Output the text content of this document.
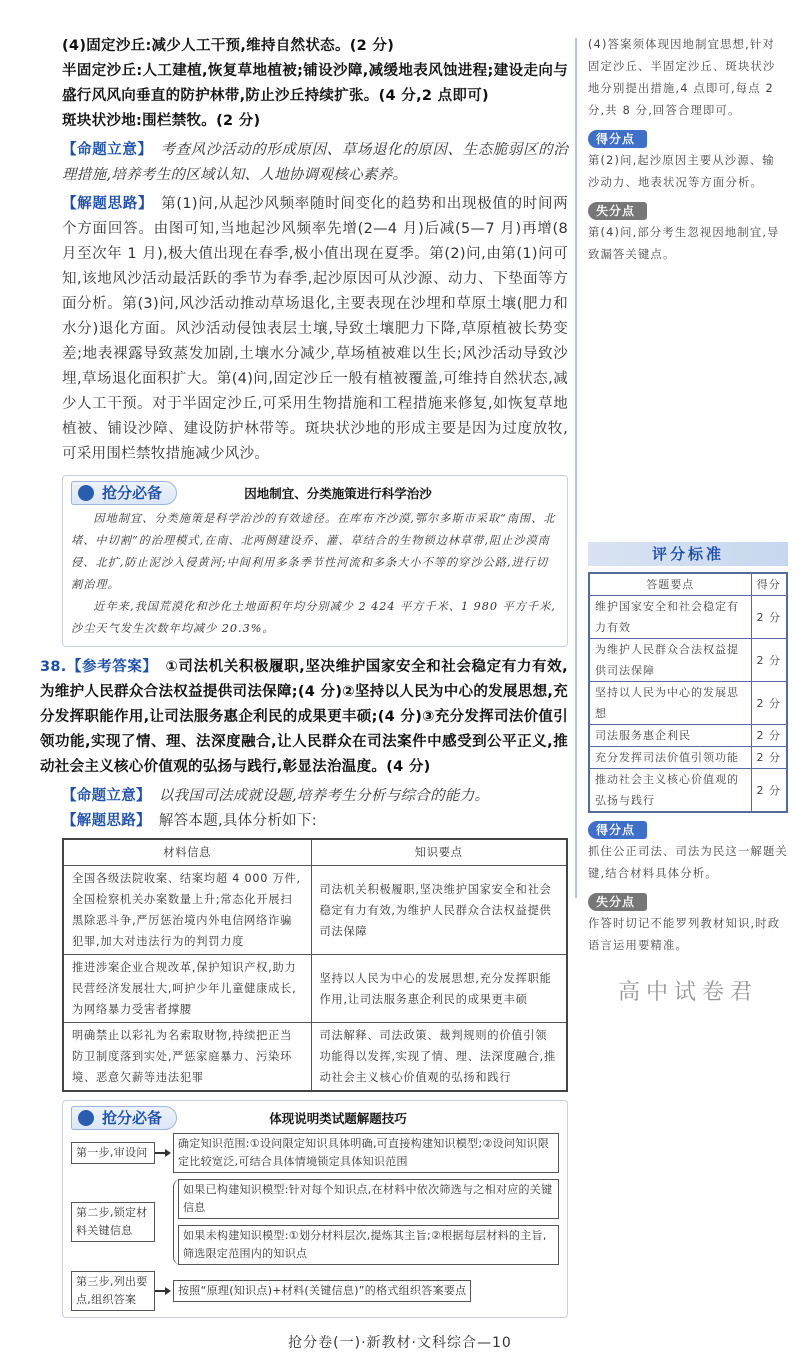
(4)固定沙丘:减少人工干预,维持自然状态。(2 分)
半固定沙丘:人工建植,恢复草地植被;铺设沙障,减缓地表风蚀进程;建设走向与盛行风风向垂直的防护林带,防止沙丘持续扩张。(4 分,2 点即可)
斑块状沙地:围栏禁牧。(2 分)
【命题立意】 考查风沙活动的形成原因、草场退化的原因、生态脆弱区的治理措施,培养考生的区域认知、人地协调观核心素养。
【解题思路】 第(1)问,从起沙风频率随时间变化的趋势和出现极值的时间两个方面回答。由图可知,当地起沙风频率先增(2—4 月)后减(5—7 月)再增(8 月至次年 1 月),极大值出现在春季,极小值出现在夏季。第(2)问,由第(1)问可知,该地风沙活动最活跃的季节为春季,起沙原因可从沙源、动力、下垫面等方面分析。第(3)问,风沙活动推动草场退化,主要表现在沙埋和草原土壤(肥力和水分)退化方面。风沙活动侵蚀表层土壤,导致土壤肥力下降,草原植被长势变差;地表裸露导致蒸发加剧,土壤水分减少,草场植被难以生长;风沙活动导致沙埋,草场退化面积扩大。第(4)问,固定沙丘一般有植被覆盖,可维持自然状态,减少人工干预。对于半固定沙丘,可采用生物措施和工程措施来修复,如恢复草地植被、铺设沙障、建设防护林带等。斑块状沙地的形成主要是因为过度放牧,可采用围栏禁牧措施减少风沙。
抢分必备	因地制宜、分类施策进行科学治沙
因地制宜、分类施策是科学治沙的有效途径。在库布齐沙漠,鄂尔多斯市采取“南围、北堵、中切割”的治理模式,在南、北两侧建设乔、灌、草结合的生物锁边林草带,阻止沙漠南侵、北扩,防止泥沙入侵黄河;中间利用多条季节性河流和多条大小不等的穿沙公路,进行切割治理。
近年来,我国荒漠化和沙化土地面积年均分别减少 2 424 平方千米、1 980 平方千米,沙尘天气发生次数年均减少 20.3%。
38.【参考答案】 ①司法机关积极履职,坚决维护国家安全和社会稳定有力有效,为维护人民群众合法权益提供司法保障;(4 分)②坚持以人民为中心的发展思想,充分发挥职能作用,让司法服务惠企利民的成果更丰硕;(4 分)③充分发挥司法价值引领功能,实现了情、理、法深度融合,让人民群众在司法案件中感受到公平正义,推动社会主义核心价值观的弘扬与践行,彰显法治温度。(4 分)
【命题立意】 以我国司法成就设题,培养考生分析与综合的能力。
【解题思路】 解答本题,具体分析如下:
材料信息	知识要点
全国各级法院收案、结案均超 4 000 万件,全国检察机关办案数量上升;常态化开展扫黑除恶斗争,严厉惩治境内外电信网络诈骗犯罪,加大对违法行为的判罚力度	司法机关积极履职,坚决维护国家安全和社会稳定有力有效,为维护人民群众合法权益提供司法保障
推进涉案企业合规改革,保护知识产权,助力民营经济发展壮大,呵护少年儿童健康成长,为网络暴力受害者撑腰	坚持以人民为中心的发展思想,充分发挥职能作用,让司法服务惠企利民的成果更丰硕
明确禁止以彩礼为名索取财物,持续把正当防卫制度落到实处,严惩家庭暴力、污染环境、恶意欠薪等违法犯罪	司法解释、司法政策、裁判规则的价值引领功能得以发挥,实现了情、理、法深度融合,推动社会主义核心价值观的弘扬和践行
抢分必备	体现说明类试题解题技巧
第一步,审设问
确定知识范围:①设问限定知识具体明确,可直接构建知识模型;②设问知识限定比较宽泛,可结合具体情境锁定具体知识范围
第二步,锁定材料关键信息
如果已构建知识模型:针对每个知识点,在材料中依次筛选与之相对应的关键信息
如果未构建知识模型:①划分材料层次,提炼其主旨;②根据每层材料的主旨,筛选限定范围内的知识点
第三步,列出要点,组织答案
按照“原理(知识点)+材料(关键信息)”的格式组织答案要点
(4)答案须体现因地制宜思想,针对固定沙丘、半固定沙丘、斑块状沙地分别提出措施,4 点即可,每点 2 分,共 8 分,回答合理即可。
得分点
第(2)问,起沙原因主要从沙源、输沙动力、地表状况等方面分析。
失分点
第(4)问,部分考生忽视因地制宜,导致漏答关键点。
评分标准
答题要点	得分
维护国家安全和社会稳定有力有效	2 分
为维护人民群众合法权益提供司法保障	2 分
坚持以人民为中心的发展思想	2 分
司法服务惠企利民	2 分
充分发挥司法价值引领功能	2 分
推动社会主义核心价值观的弘扬与践行	2 分
得分点
抓住公正司法、司法为民这一解题关键,结合材料具体分析。
失分点
作答时切记不能罗列教材知识,时政语言运用要精准。
高中试卷君
抢分卷(一)·新教材·文科综合—10
